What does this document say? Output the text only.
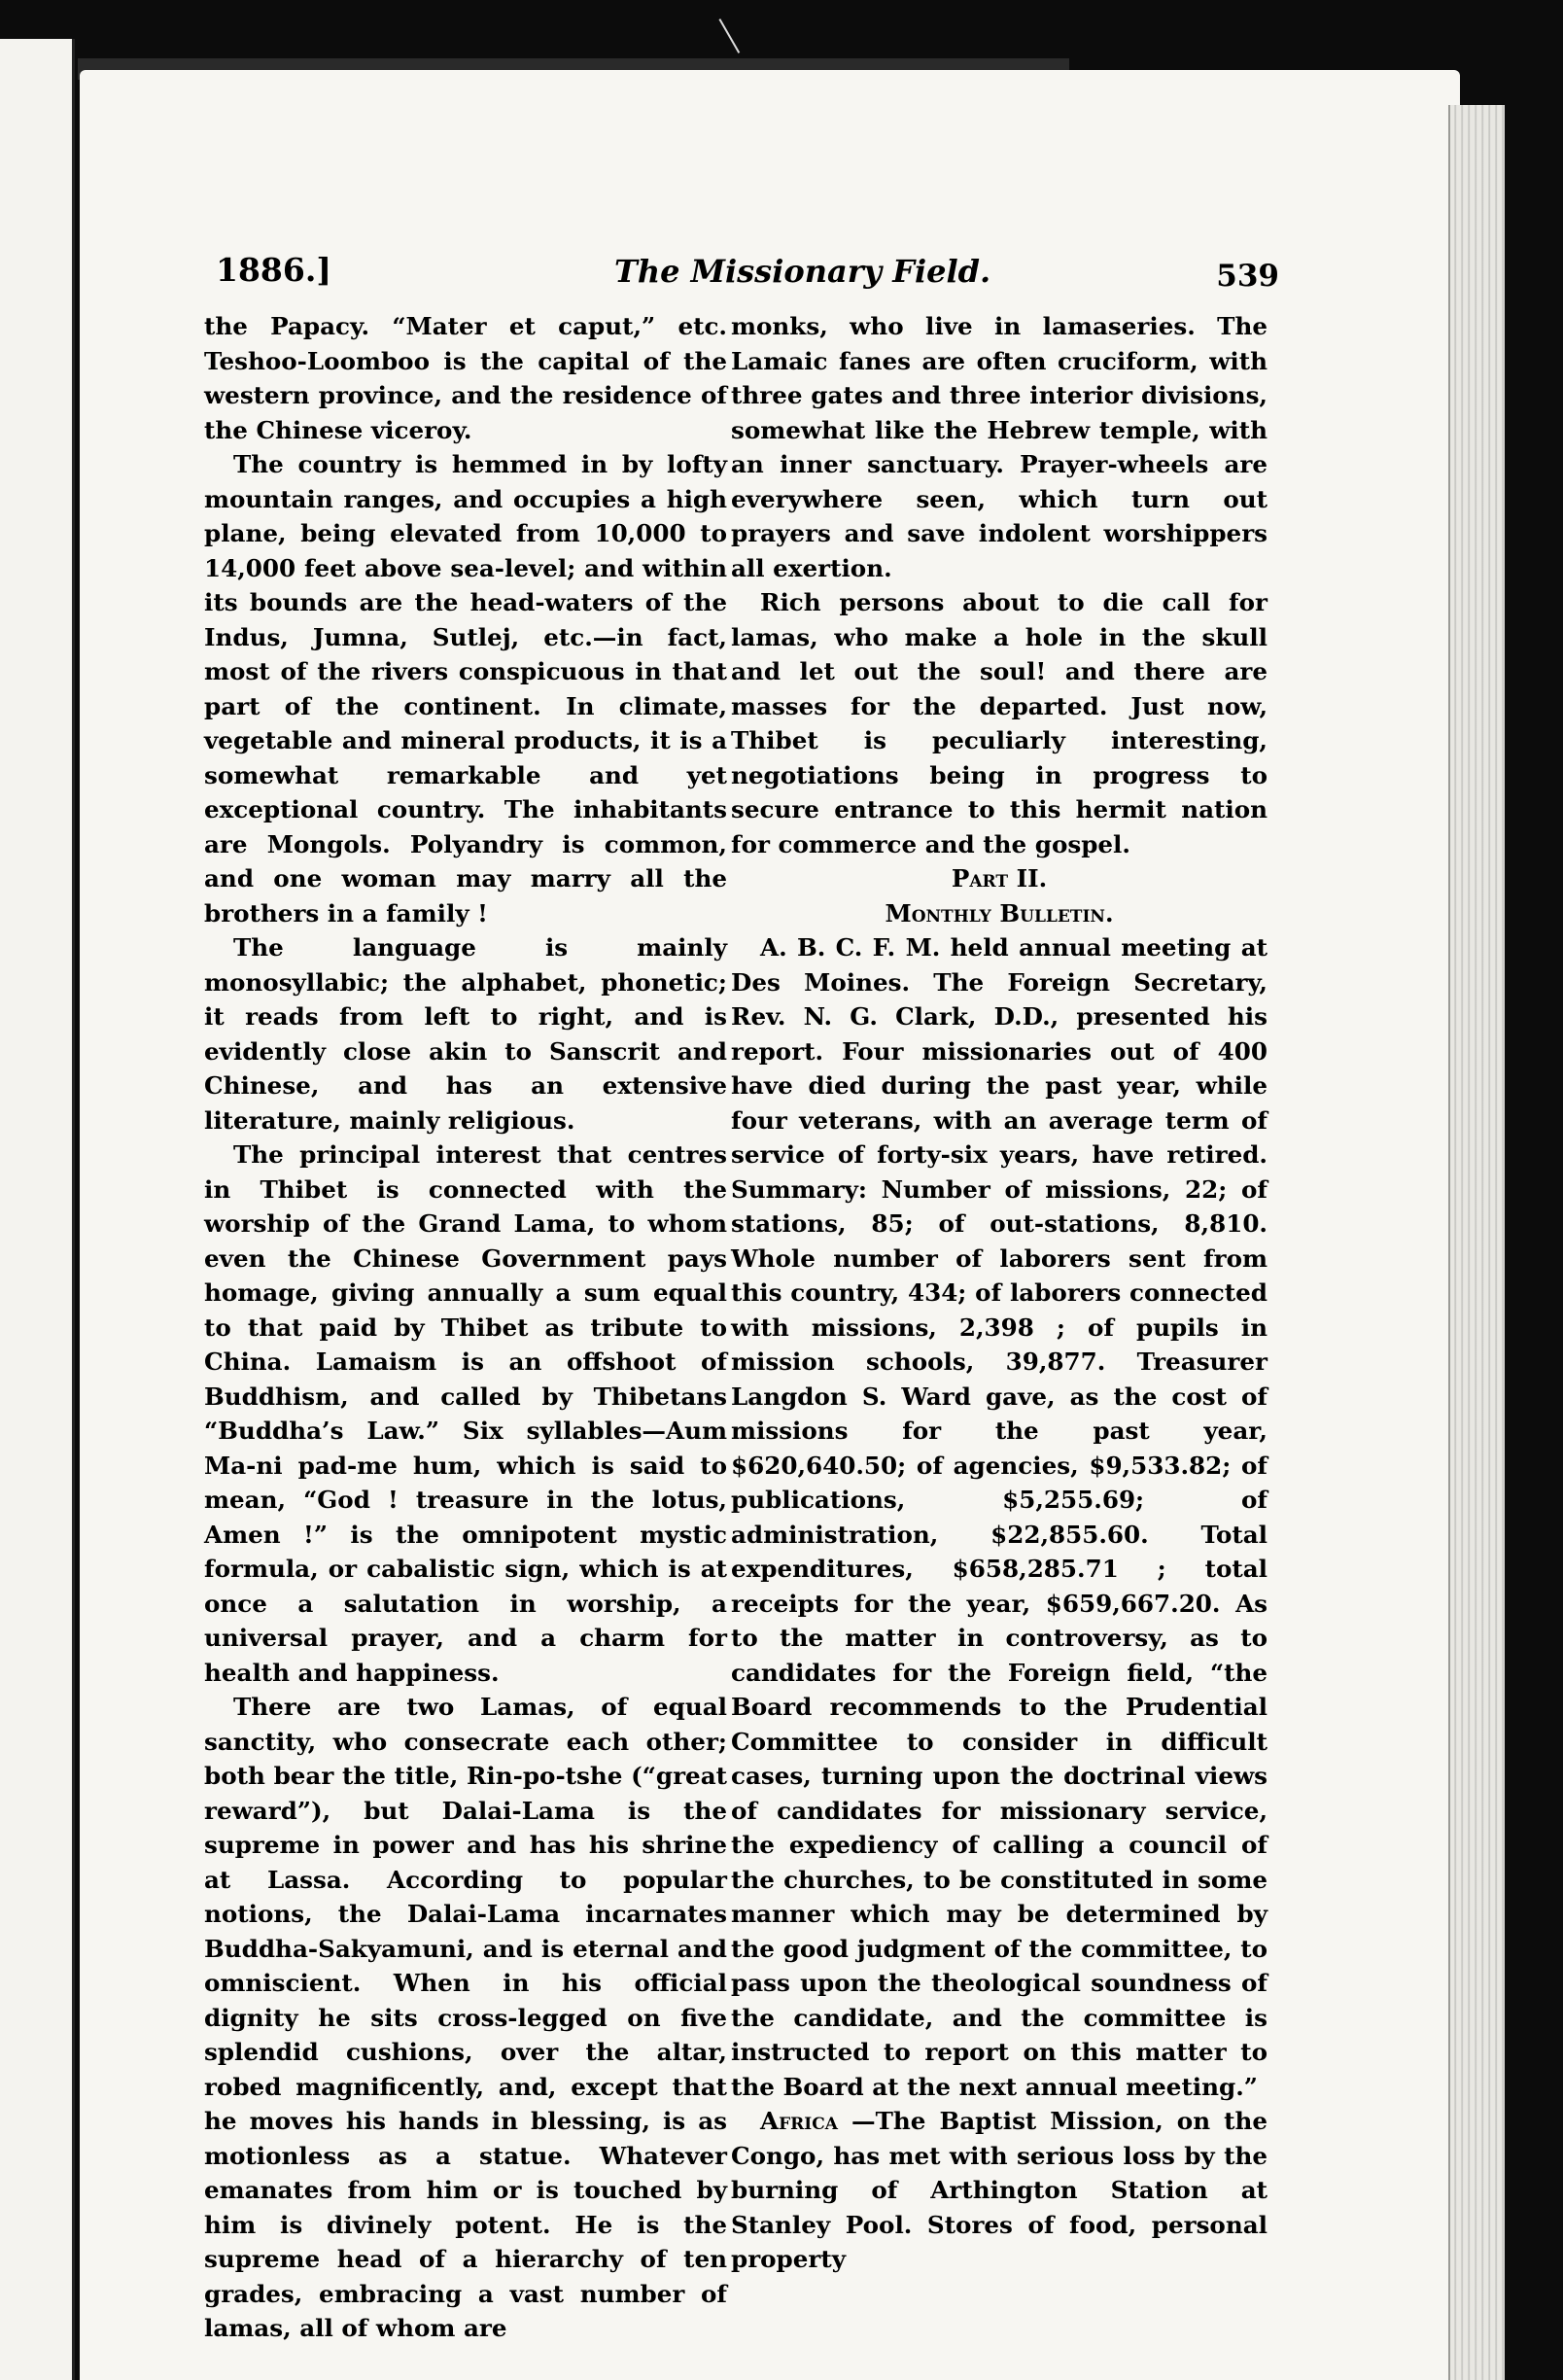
1886.]	The Missionary Field.	539

the Papacy. “Mater et caput,” etc. Teshoo-Loomboo is the capital of the western province, and the residence of the Chinese viceroy.

The country is hemmed in by lofty mountain ranges, and occupies a high plane, being elevated from 10,000 to 14,000 feet above sea-level; and within its bounds are the head-waters of the Indus, Jumna, Sutlej, etc.—in fact, most of the rivers conspicuous in that part of the continent. In climate, vegetable and mineral products, it is a somewhat remarkable and yet exceptional country. The inhabitants are Mongols. Polyandry is common, and one woman may marry all the brothers in a family !

The language is mainly monosyllabic; the alphabet, phonetic; it reads from left to right, and is evidently close akin to Sanscrit and Chinese, and has an extensive literature, mainly religious.

The principal interest that centres in Thibet is connected with the worship of the Grand Lama, to whom even the Chinese Government pays homage, giving annually a sum equal to that paid by Thibet as tribute to China. Lamaism is an offshoot of Buddhism, and called by Thibetans “Buddha’s Law.” Six syllables—Aum Ma-ni pad-me hum, which is said to mean, “God ! treasure in the lotus, Amen !” is the omnipotent mystic formula, or cabalistic sign, which is at once a salutation in worship, a universal prayer, and a charm for health and happiness.

There are two Lamas, of equal sanctity, who consecrate each other; both bear the title, Rin-po-tshe (“great reward”), but Dalai-Lama is the supreme in power and has his shrine at Lassa. According to popular notions, the Dalai-Lama incarnates Buddha-Sakyamuni, and is eternal and omniscient. When in his official dignity he sits cross-legged on five splendid cushions, over the altar, robed magnificently, and, except that he moves his hands in blessing, is as motionless as a statue. Whatever emanates from him or is touched by him is divinely potent. He is the supreme head of a hierarchy of ten grades, embracing a vast number of lamas, all of whom are

monks, who live in lamaseries. The Lamaic fanes are often cruciform, with three gates and three interior divisions, somewhat like the Hebrew temple, with an inner sanctuary. Prayer-wheels are everywhere seen, which turn out prayers and save indolent worshippers all exertion.

Rich persons about to die call for lamas, who make a hole in the skull and let out the soul! and there are masses for the departed. Just now, Thibet is peculiarly interesting, negotiations being in progress to secure entrance to this hermit nation for commerce and the gospel.

Part II.

Monthly Bulletin.

A. B. C. F. M. held annual meeting at Des Moines. The Foreign Secretary, Rev. N. G. Clark, D.D., presented his report. Four missionaries out of 400 have died during the past year, while four veterans, with an average term of service of forty-six years, have retired. Summary: Number of missions, 22; of stations, 85; of out-stations, 8,810. Whole number of laborers sent from this country, 434; of laborers connected with missions, 2,398 ; of pupils in mission schools, 39,877. Treasurer Langdon S. Ward gave, as the cost of missions for the past year, $620,640.50; of agencies, $9,533.82; of publications, $5,255.69; of administration, $22,855.60. Total expenditures, $658,285.71 ; total receipts for the year, $659,667.20. As to the matter in controversy, as to candidates for the Foreign field, “the Board recommends to the Prudential Committee to consider in difficult cases, turning upon the doctrinal views of candidates for missionary service, the expediency of calling a council of the churches, to be constituted in some manner which may be determined by the good judgment of the committee, to pass upon the theological soundness of the candidate, and the committee is instructed to report on this matter to the Board at the next annual meeting.”

Africa —The Baptist Mission, on the Congo, has met with serious loss by the burning of Arthington Station at Stanley Pool. Stores of food, personal property
